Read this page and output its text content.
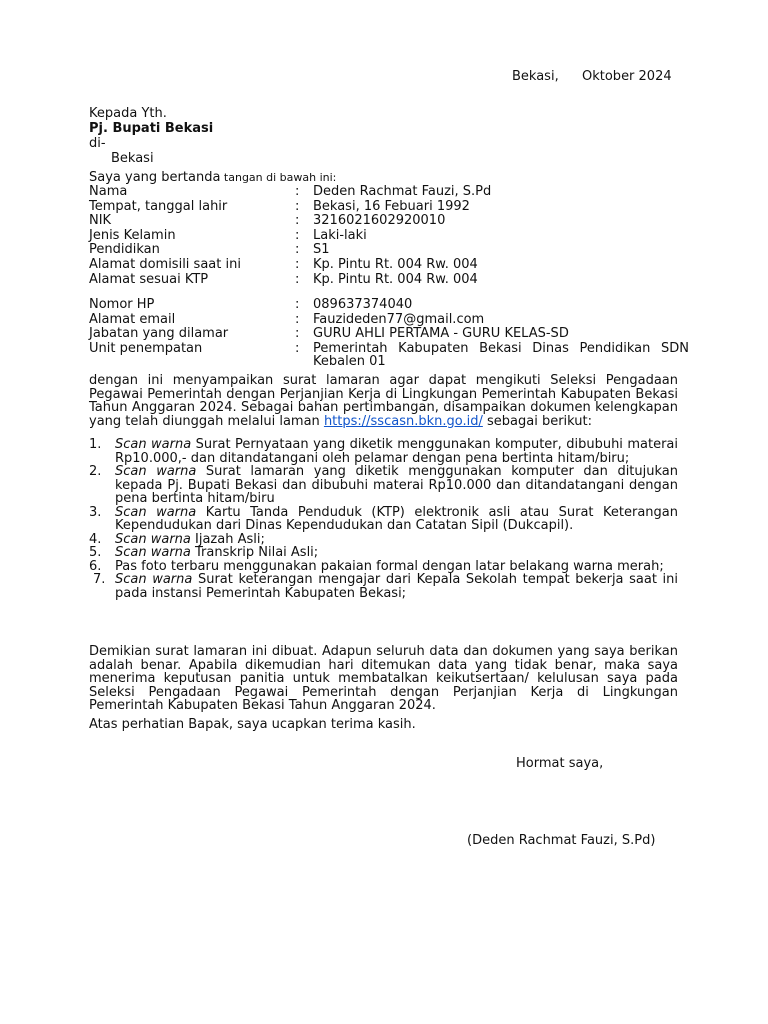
Bekasi, Oktober 2024
Kepada Yth.
Pj. Bupati Bekasi
di-
Bekasi
Saya yang bertanda tangan di bawah ini:
Nama	:	Deden Rachmat Fauzi, S.Pd
Tempat, tanggal lahir	:	Bekasi, 16 Febuari 1992
NIK	:	3216021602920010
Jenis Kelamin	:	Laki-laki
Pendidikan	:	S1
Alamat domisili saat ini	:	Kp. Pintu Rt. 004 Rw. 004
Alamat sesuai KTP	:	Kp. Pintu Rt. 004 Rw. 004
Nomor HP	:	089637374040
Alamat email	:	Fauzideden77@gmail.com
Jabatan yang dilamar	:	GURU AHLI PERTAMA - GURU KELAS-SD
Unit penempatan	:	Pemerintah Kabupaten Bekasi Dinas Pendidikan SDN Kebalen 01
dengan ini menyampaikan surat lamaran agar dapat mengikuti Seleksi Pengadaan Pegawai Pemerintah dengan Perjanjian Kerja di Lingkungan Pemerintah Kabupaten Bekasi Tahun Anggaran 2024. Sebagai bahan pertimbangan, disampaikan dokumen kelengkapan yang telah diunggah melalui laman https://sscasn.bkn.go.id/ sebagai berikut:
1.	Scan warna Surat Pernyataan yang diketik menggunakan komputer, dibubuhi materai Rp10.000,- dan ditandatangani oleh pelamar dengan pena bertinta hitam/biru;
2.	Scan warna Surat lamaran yang diketik menggunakan komputer dan ditujukan kepada Pj. Bupati Bekasi dan dibubuhi materai Rp10.000 dan ditandatangani dengan pena bertinta hitam/biru
3.	Scan warna Kartu Tanda Penduduk (KTP) elektronik asli atau Surat Keterangan Kependudukan dari Dinas Kependudukan dan Catatan Sipil (Dukcapil).
4.	Scan warna Ijazah Asli;
5.	Scan warna Transkrip Nilai Asli;
6.	Pas foto terbaru menggunakan pakaian formal dengan latar belakang warna merah;
7. Scan warna Surat keterangan mengajar dari Kepala Sekolah tempat bekerja saat ini pada instansi Pemerintah Kabupaten Bekasi;
Demikian surat lamaran ini dibuat. Adapun seluruh data dan dokumen yang saya berikan adalah benar. Apabila dikemudian hari ditemukan data yang tidak benar, maka saya menerima keputusan panitia untuk membatalkan keikutsertaan/ kelulusan saya pada Seleksi Pengadaan Pegawai Pemerintah dengan Perjanjian Kerja di Lingkungan Pemerintah Kabupaten Bekasi Tahun Anggaran 2024.
Atas perhatian Bapak, saya ucapkan terima kasih.
Hormat saya,
(Deden Rachmat Fauzi, S.Pd)
